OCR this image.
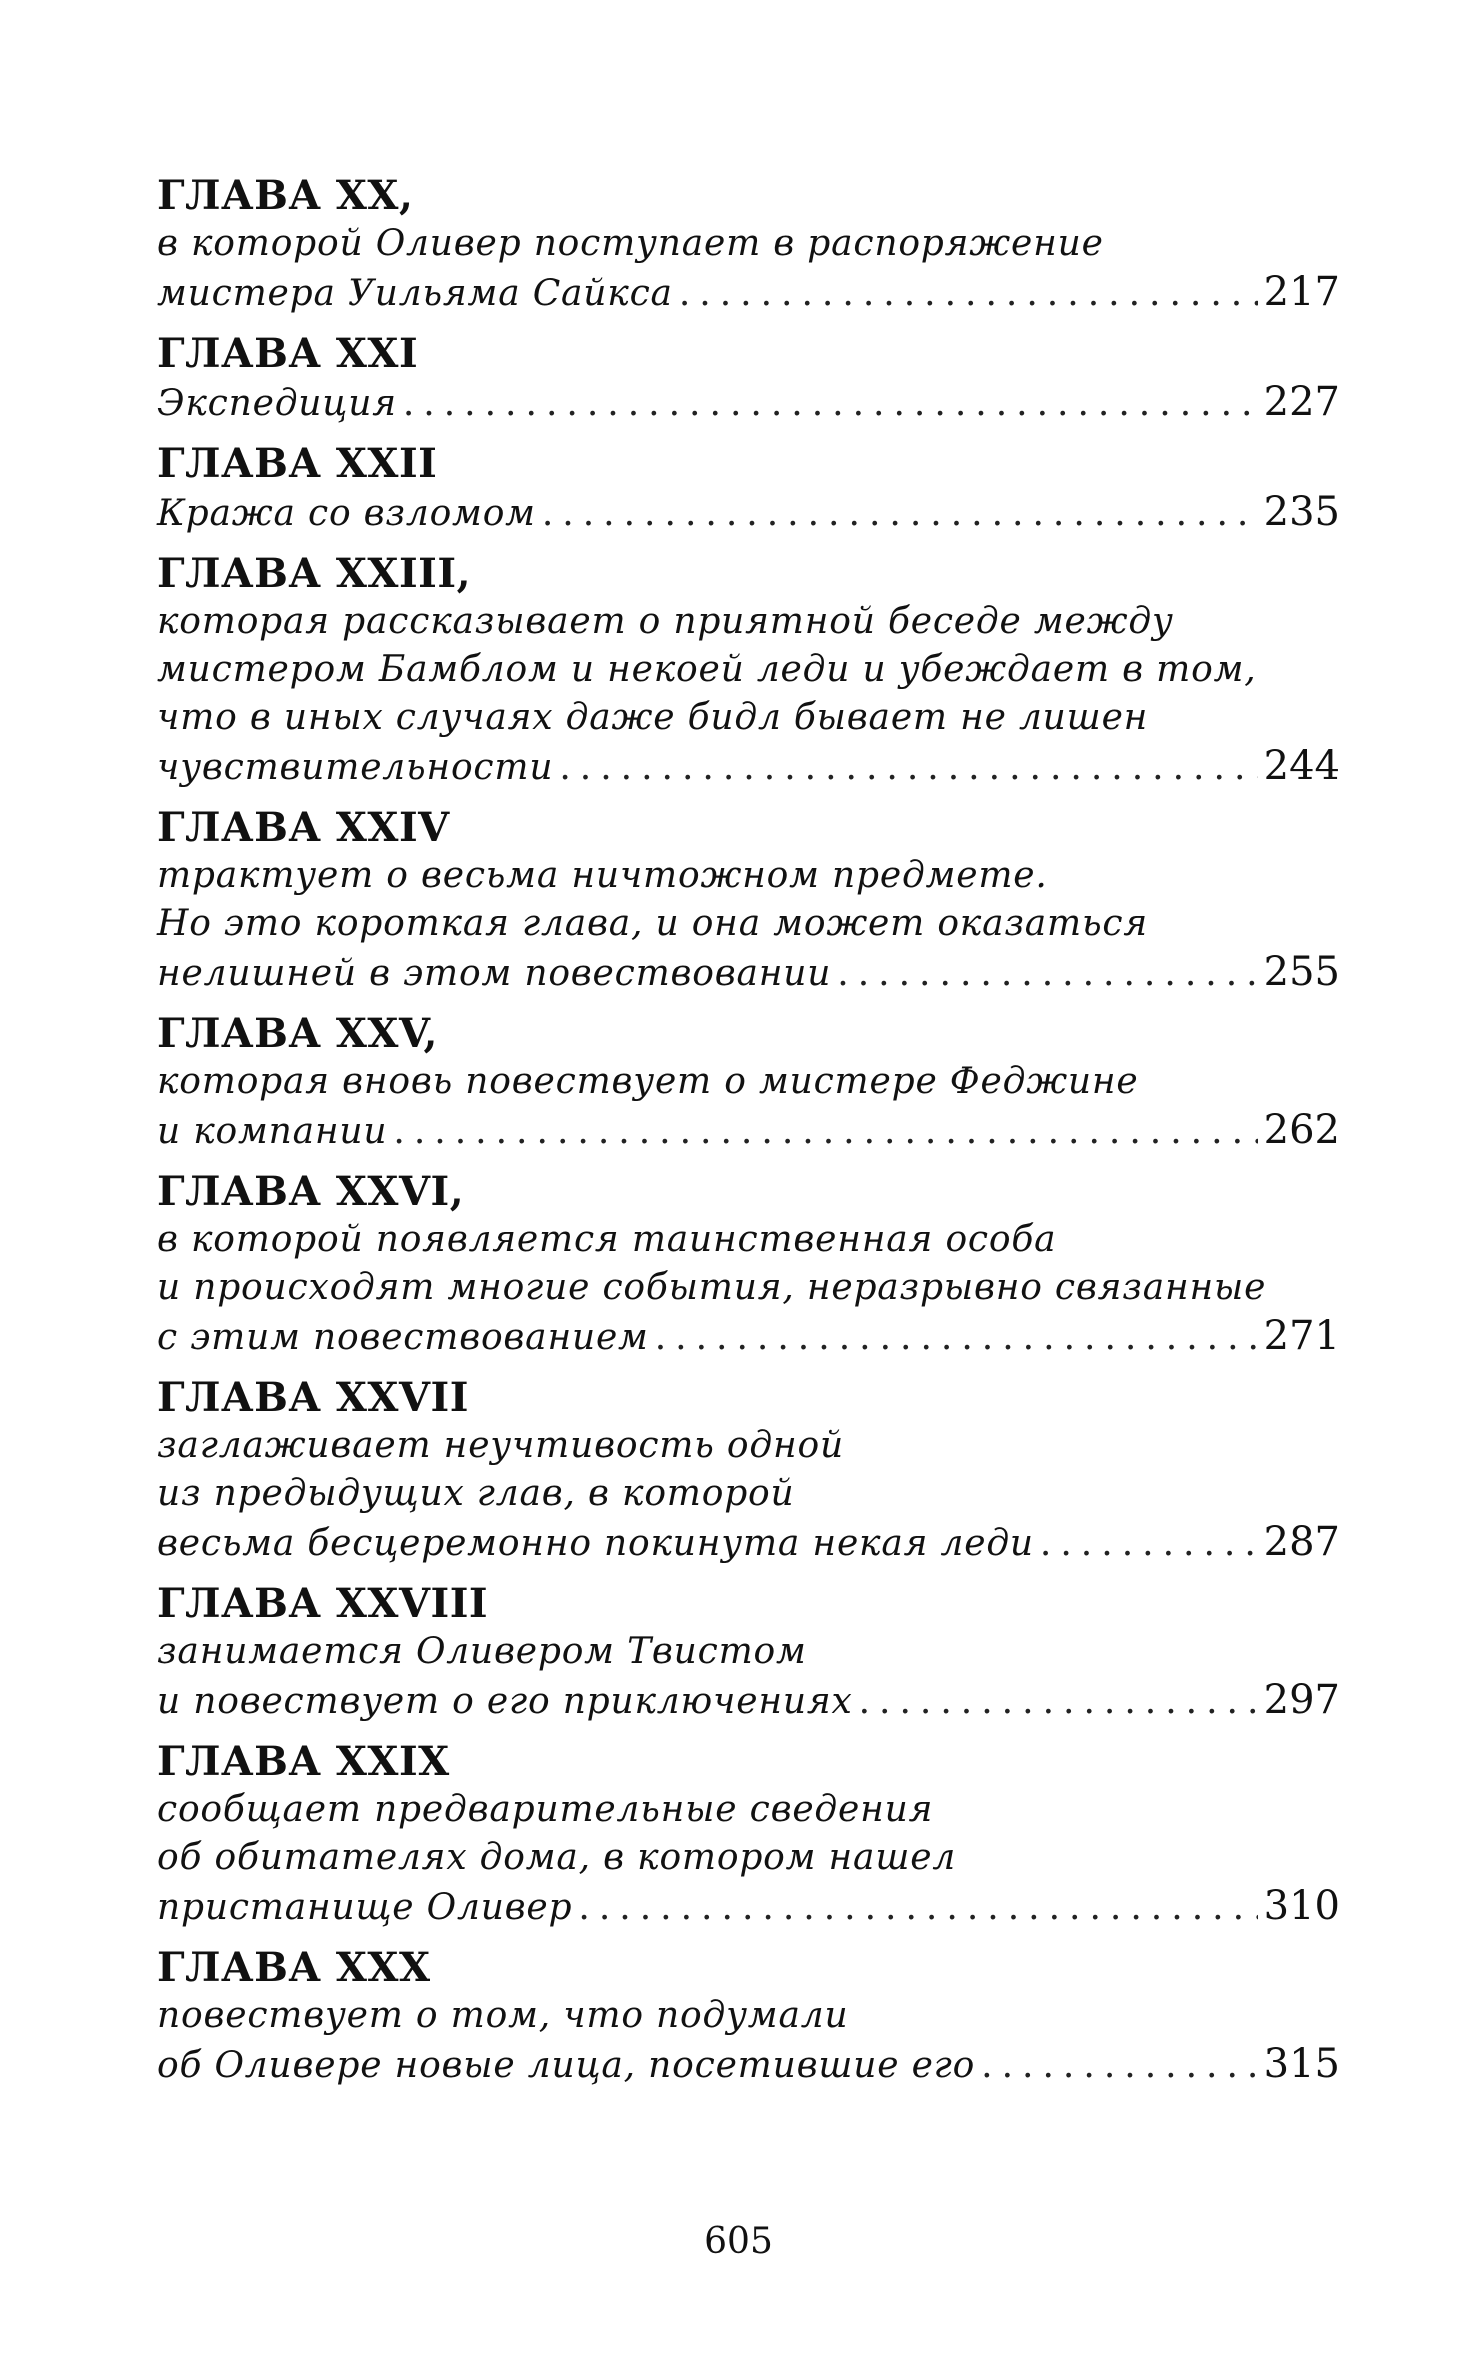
ГЛАВА XX,
в которой Оливер поступает в распоряжение
мистера Уильяма Сайкса .....	217
ГЛАВА XXI
Экспедиция .....	227
ГЛАВА XXII
Кража со взломом .....	235
ГЛАВА XXIII,
которая рассказывает о приятной беседе между
мистером Бамблом и некоей леди и убеждает в том,
что в иных случаях даже бидл бывает не лишен
чувствительности .....	244
ГЛАВА XXIV
трактует о весьма ничтожном предмете.
Но это короткая глава, и она может оказаться
нелишней в этом повествовании .....	255
ГЛАВА XXV,
которая вновь повествует о мистере Феджине
и компании .....	262
ГЛАВА XXVI,
в которой появляется таинственная особа
и происходят многие события, неразрывно связанные
с этим повествованием .....	271
ГЛАВА XXVII
заглаживает неучтивость одной
из предыдущих глав, в которой
весьма бесцеремонно покинута некая леди .....	287
ГЛАВА XXVIII
занимается Оливером Твистом
и повествует о его приключениях .....	297
ГЛАВА XXIX
сообщает предварительные сведения
об обитателях дома, в котором нашел
пристанище Оливер .....	310
ГЛАВА XXX
повествует о том, что подумали
об Оливере новые лица, посетившие его .....	315
605
